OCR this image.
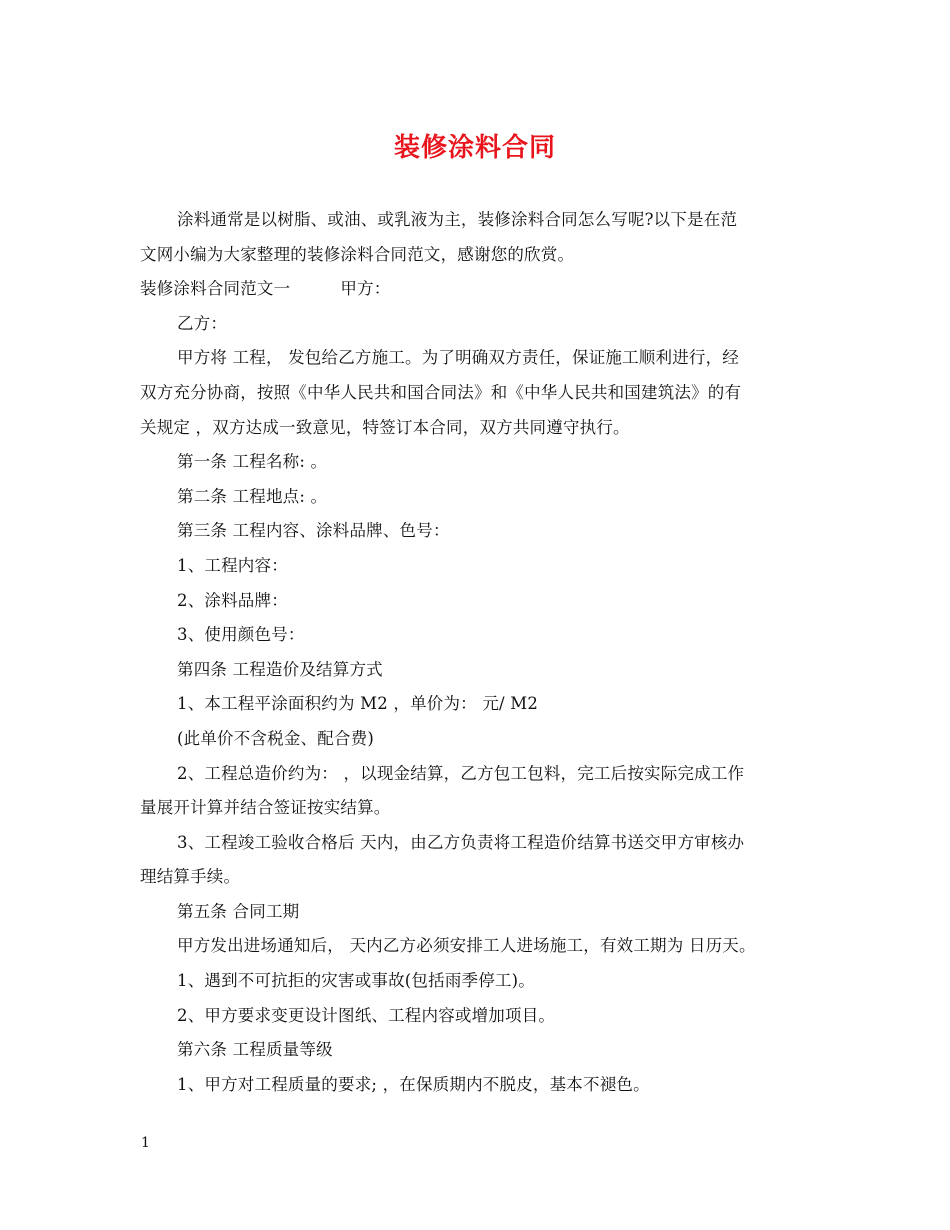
装修涂料合同
涂料通常是以树脂、或油、或乳液为主，装修涂料合同怎么写呢?以下是在范
文网小编为大家整理的装修涂料合同范文，感谢您的欣赏。
装修涂料合同范文一　　　甲方：
乙方：
甲方将 工程， 发包给乙方施工。为了明确双方责任，保证施工顺利进行，经
双方充分协商，按照《中华人民共和国合同法》和《中华人民共和国建筑法》的有
关规定 ，双方达成一致意见，特签订本合同，双方共同遵守执行。
第一条 工程名称: 。
第二条 工程地点: 。
第三条 工程内容、涂料品牌、色号：
1、工程内容：
2、涂料品牌：
3、使用颜色号：
第四条 工程造价及结算方式
1、本工程平涂面积约为 M2 ，单价为： 元/ M2
(此单价不含税金、配合费)
2、工程总造价约为： ，以现金结算，乙方包工包料，完工后按实际完成工作
量展开计算并结合签证按实结算。
3、工程竣工验收合格后 天内，由乙方负责将工程造价结算书送交甲方审核办
理结算手续。
第五条 合同工期
甲方发出进场通知后， 天内乙方必须安排工人进场施工，有效工期为 日历天。
1、遇到不可抗拒的灾害或事故(包括雨季停工)。
2、甲方要求变更设计图纸、工程内容或增加项目。
第六条 工程质量等级
1、甲方对工程质量的要求; ，在保质期内不脱皮，基本不褪色。
1
